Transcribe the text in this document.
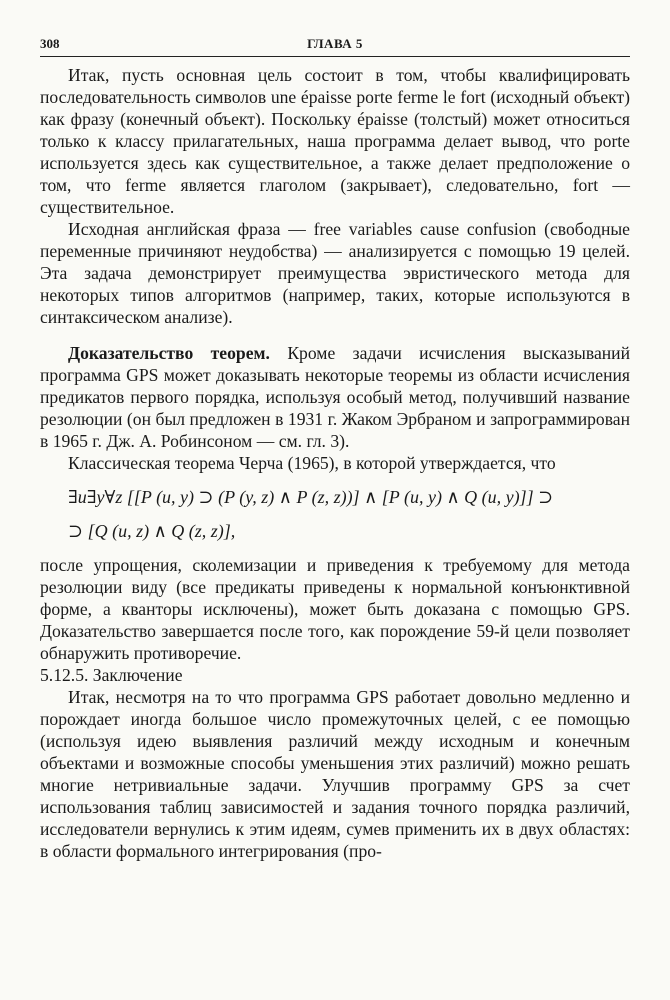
308	ГЛАВА 5

Итак, пусть основная цель состоит в том, чтобы квалифицировать последовательность символов une épaisse porte ferme le fort (исходный объект) как фразу (конечный объект). Поскольку épaisse (толстый) может относиться только к классу прилагательных, наша программа делает вывод, что porte используется здесь как существительное, а также делает предположение о том, что ferme является глаголом (закрывает), следовательно, fort — существительное.

Исходная английская фраза — free variables cause confusion (свободные переменные причиняют неудобства) — анализируется с помощью 19 целей. Эта задача демонстрирует преимущества эвристического метода для некоторых типов алгоритмов (например, таких, которые используются в синтаксическом анализе).

Доказательство теорем. Кроме задачи исчисления высказываний программа GPS может доказывать некоторые теоремы из области исчисления предикатов первого порядка, используя особый метод, получивший название резолюции (он был предложен в 1931 г. Жаком Эрбраном и запрограммирован в 1965 г. Дж. А. Робинсоном — см. гл. 3).

Классическая теорема Черча (1965), в которой утверждается, что

∃u∃y∀z [[P (u, y) ⊃ (P (y, z) ∧ P (z, z))] ∧ [P (u, y) ∧ Q (u, y)]] ⊃
⊃ [Q (u, z) ∧ Q (z, z)],

после упрощения, сколемизации и приведения к требуемому для метода резолюции виду (все предикаты приведены к нормальной конъюнктивной форме, а кванторы исключены), может быть доказана с помощью GPS. Доказательство завершается после того, как порождение 59-й цели позволяет обнаружить противоречие.

5.12.5. Заключение

Итак, несмотря на то что программа GPS работает довольно медленно и порождает иногда большое число промежуточных целей, с ее помощью (используя идею выявления различий между исходным и конечным объектами и возможные способы уменьшения этих различий) можно решать многие нетривиальные задачи. Улучшив программу GPS за счет использования таблиц зависимостей и задания точного порядка различий, исследователи вернулись к этим идеям, сумев применить их в двух областях: в области формального интегрирования (про-
